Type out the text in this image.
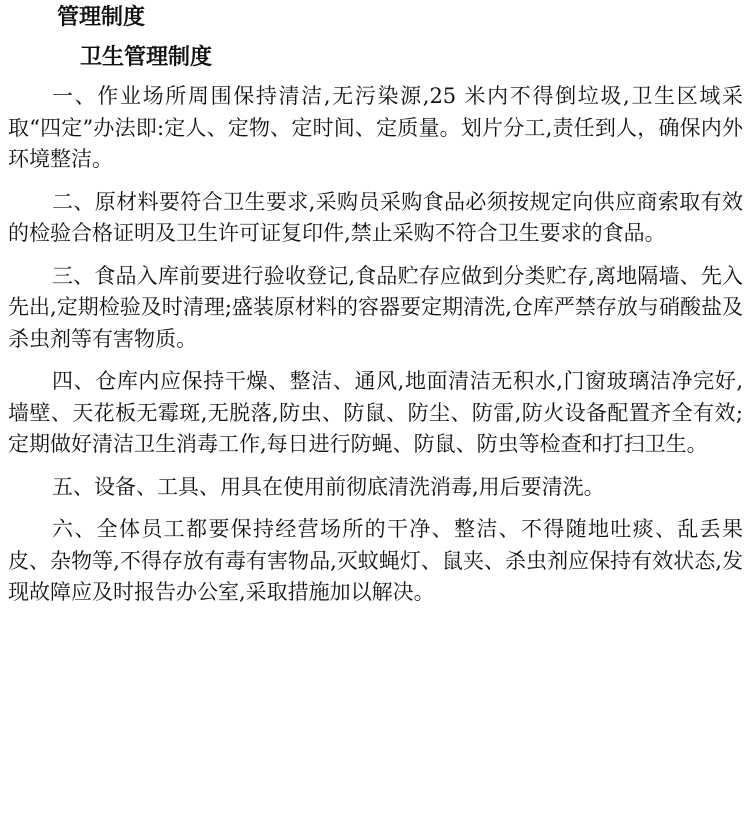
管理制度
卫生管理制度

一、作业场所周围保持清洁,无污染源,25 米内不得倒垃圾,卫生区域采取“四定”办法即:定人、定物、定时间、定质量。划片分工,责任到人，确保内外环境整洁。

二、原材料要符合卫生要求,采购员采购食品必须按规定向供应商索取有效的检验合格证明及卫生许可证复印件,禁止采购不符合卫生要求的食品。

三、食品入库前要进行验收登记,食品贮存应做到分类贮存,离地隔墙、先入先出,定期检验及时清理;盛装原材料的容器要定期清洗,仓库严禁存放与硝酸盐及杀虫剂等有害物质。

四、仓库内应保持干燥、整洁、通风,地面清洁无积水,门窗玻璃洁净完好,墙壁、天花板无霉斑,无脱落,防虫、防鼠、防尘、防雷,防火设备配置齐全有效;定期做好清洁卫生消毒工作,每日进行防蝇、防鼠、防虫等检查和打扫卫生。

五、设备、工具、用具在使用前彻底清洗消毒,用后要清洗。

六、全体员工都要保持经营场所的干净、整洁、不得随地吐痰、乱丢果皮、杂物等,不得存放有毒有害物品,灭蚊蝇灯、鼠夹、杀虫剂应保持有效状态,发现故障应及时报告办公室,采取措施加以解决。
